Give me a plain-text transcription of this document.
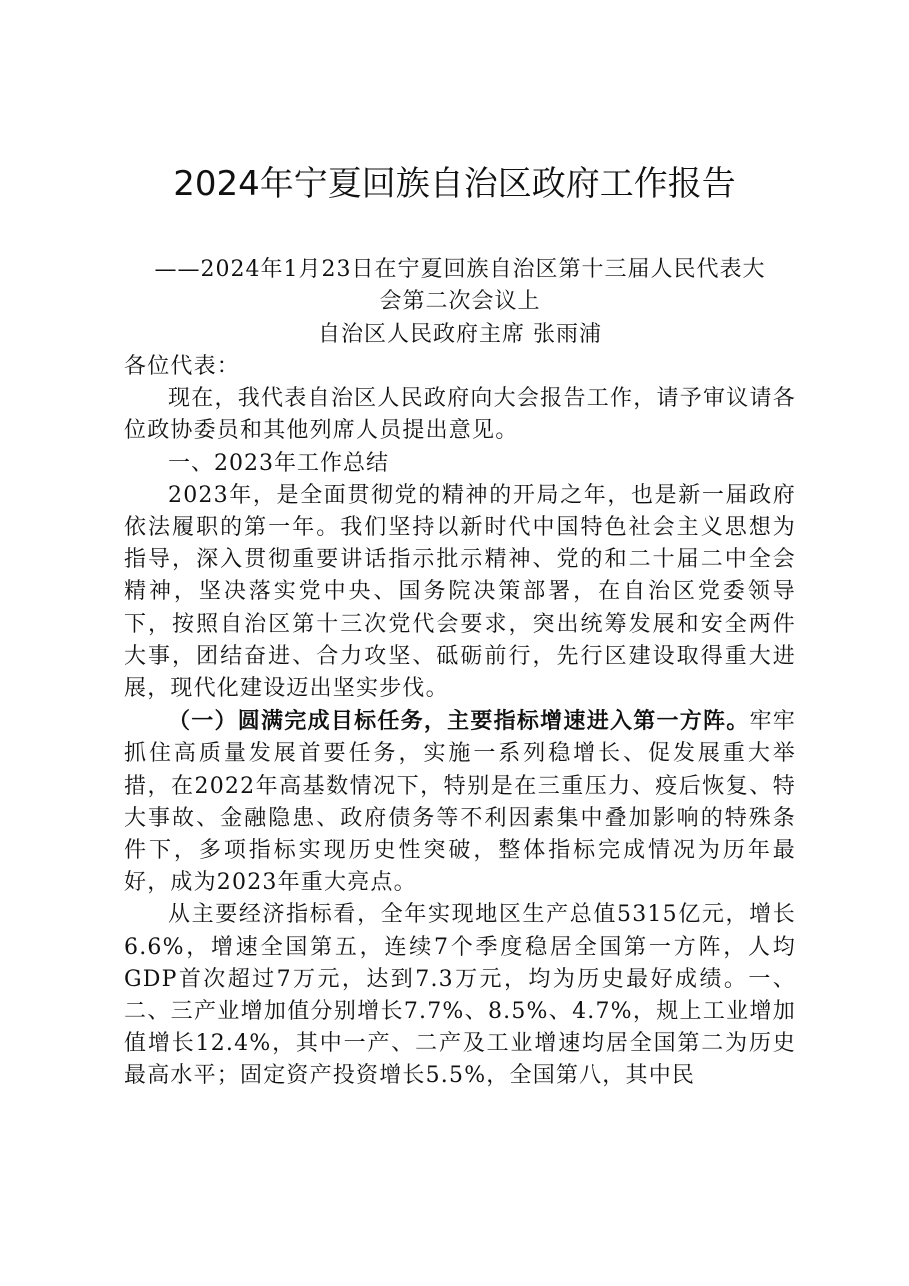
2024年宁夏回族自治区政府工作报告
——2024年1月23日在宁夏回族自治区第十三届人民代表大
会第二次会议上
自治区人民政府主席 张雨浦

各位代表：

现在，我代表自治区人民政府向大会报告工作，请予审议请各位政协委员和其他列席人员提出意见。

一、2023年工作总结

2023年，是全面贯彻党的精神的开局之年，也是新一届政府依法履职的第一年。我们坚持以新时代中国特色社会主义思想为指导，深入贯彻重要讲话指示批示精神、党的和二十届二中全会精神，坚决落实党中央、国务院决策部署，在自治区党委领导下，按照自治区第十三次党代会要求，突出统筹发展和安全两件大事，团结奋进、合力攻坚、砥砺前行，先行区建设取得重大进展，现代化建设迈出坚实步伐。

（一）圆满完成目标任务，主要指标增速进入第一方阵。牢牢抓住高质量发展首要任务，实施一系列稳增长、促发展重大举措，在2022年高基数情况下，特别是在三重压力、疫后恢复、特大事故、金融隐患、政府债务等不利因素集中叠加影响的特殊条件下，多项指标实现历史性突破，整体指标完成情况为历年最好，成为2023年重大亮点。

从主要经济指标看，全年实现地区生产总值5315亿元，增长6.6%，增速全国第五，连续7个季度稳居全国第一方阵，人均GDP首次超过7万元，达到7.3万元，均为历史最好成绩。一、二、三产业增加值分别增长7.7%、8.5%、4.7%，规上工业增加值增长12.4%，其中一产、二产及工业增速均居全国第二为历史最高水平；固定资产投资增长5.5%，全国第八，其中民
